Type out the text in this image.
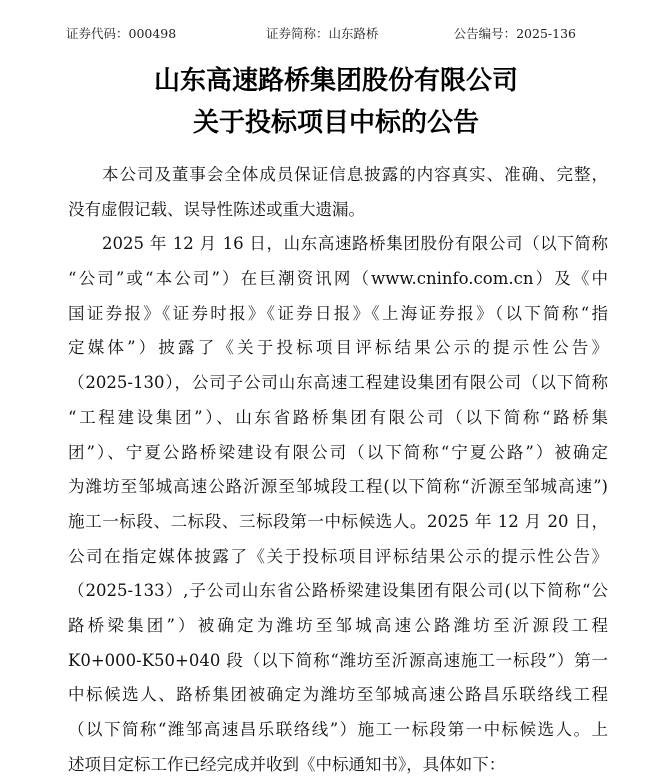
证券代码：000498	证券简称：山东路桥	公告编号：2025-136
山东高速路桥集团股份有限公司
关于投标项目中标的公告
本公司及董事会全体成员保证信息披露的内容真实、准确、完整，
没有虚假记载、误导性陈述或重大遗漏。
2025 年 12 月 16 日，山东高速路桥集团股份有限公司（以下简称
“公司”或“本公司”）在巨潮资讯网（www.cninfo.com.cn）及《中
国证券报》《证券时报》《证券日报》《上海证券报》（以下简称“指
定媒体”）披露了《关于投标项目评标结果公示的提示性公告》
（2025-130），公司子公司山东高速工程建设集团有限公司（以下简称
“工程建设集团”）、山东省路桥集团有限公司（以下简称“路桥集
团”）、宁夏公路桥梁建设有限公司（以下简称“宁夏公路”）被确定
为潍坊至邹城高速公路沂源至邹城段工程(以下简称“沂源至邹城高速”)
施工一标段、二标段、三标段第一中标候选人。2025 年 12 月 20 日，
公司在指定媒体披露了《关于投标项目评标结果公示的提示性公告》
（2025-133）,子公司山东省公路桥梁建设集团有限公司(以下简称“公
路桥梁集团”）被确定为潍坊至邹城高速公路潍坊至沂源段工程
K0+000-K50+040 段（以下简称“潍坊至沂源高速施工一标段”）第一
中标候选人、路桥集团被确定为潍坊至邹城高速公路昌乐联络线工程
（以下简称“潍邹高速昌乐联络线”）施工一标段第一中标候选人。上
述项目定标工作已经完成并收到《中标通知书》，具体如下：
